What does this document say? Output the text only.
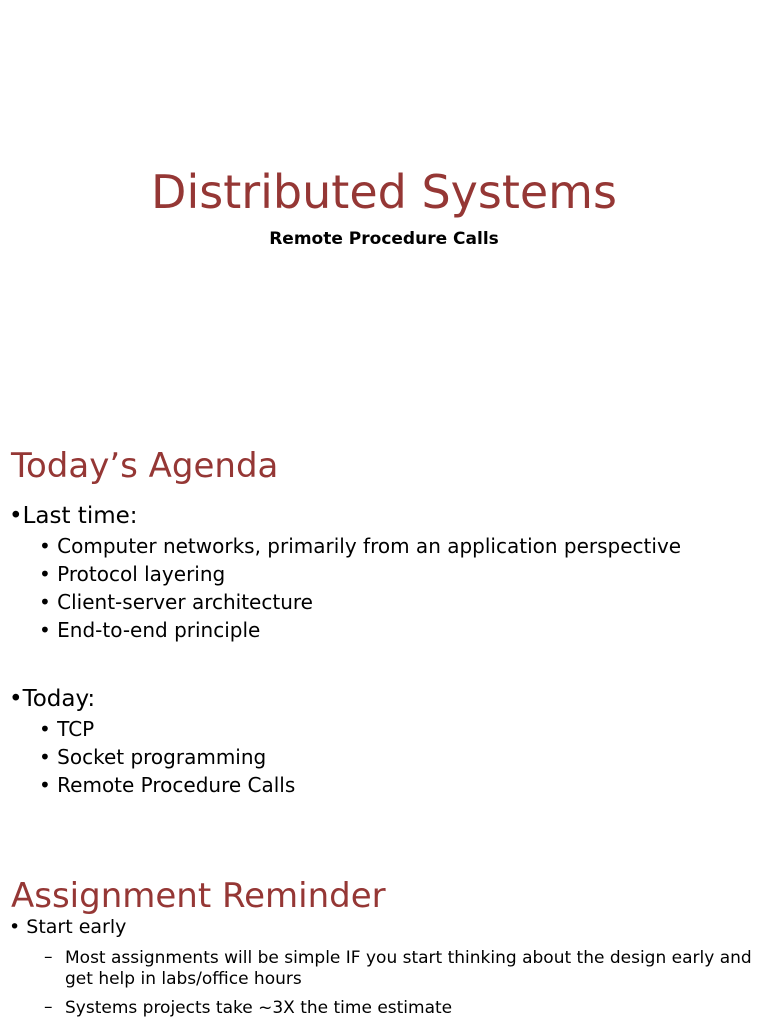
Distributed Systems
Remote Procedure Calls
Today’s Agenda
•Last time:
• Computer networks, primarily from an application perspective
• Protocol layering
• Client-server architecture
• End-to-end principle
•Today:
• TCP
• Socket programming
• Remote Procedure Calls
Assignment Reminder
• Start early
– Most assignments will be simple IF you start thinking about the design early and get help in labs/office hours
– Systems projects take ~3X the time estimate
